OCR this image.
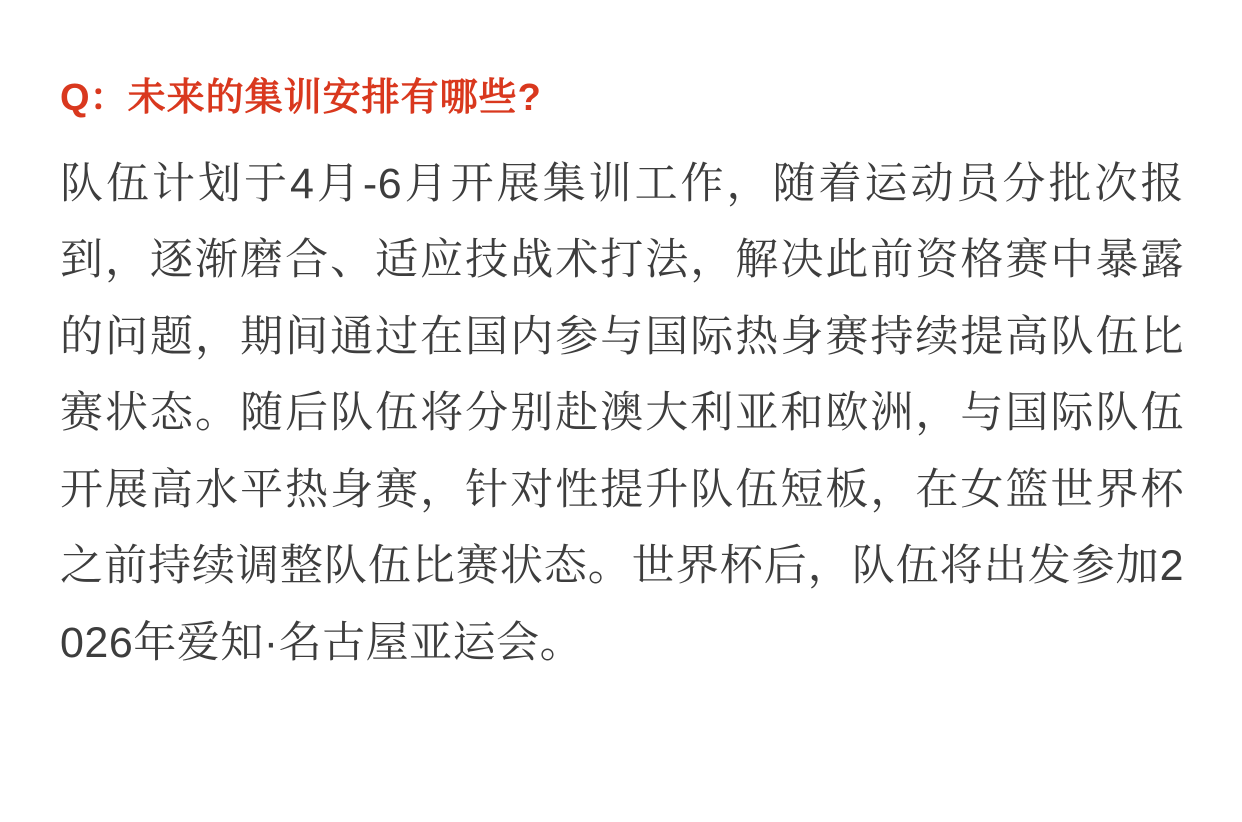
Q： 未来的集训安排有哪些?

队伍计划于4月-6月开展集训工作，随着运动员分批次报到，逐渐磨合、适应技战术打法，解决此前资格赛中暴露的问题，期间通过在国内参与国际热身赛持续提高队伍比赛状态。随后队伍将分别赴澳大利亚和欧洲，与国际队伍开展高水平热身赛，针对性提升队伍短板，在女篮世界杯之前持续调整队伍比赛状态。世界杯后，队伍将出发参加2026年爱知·名古屋亚运会。
